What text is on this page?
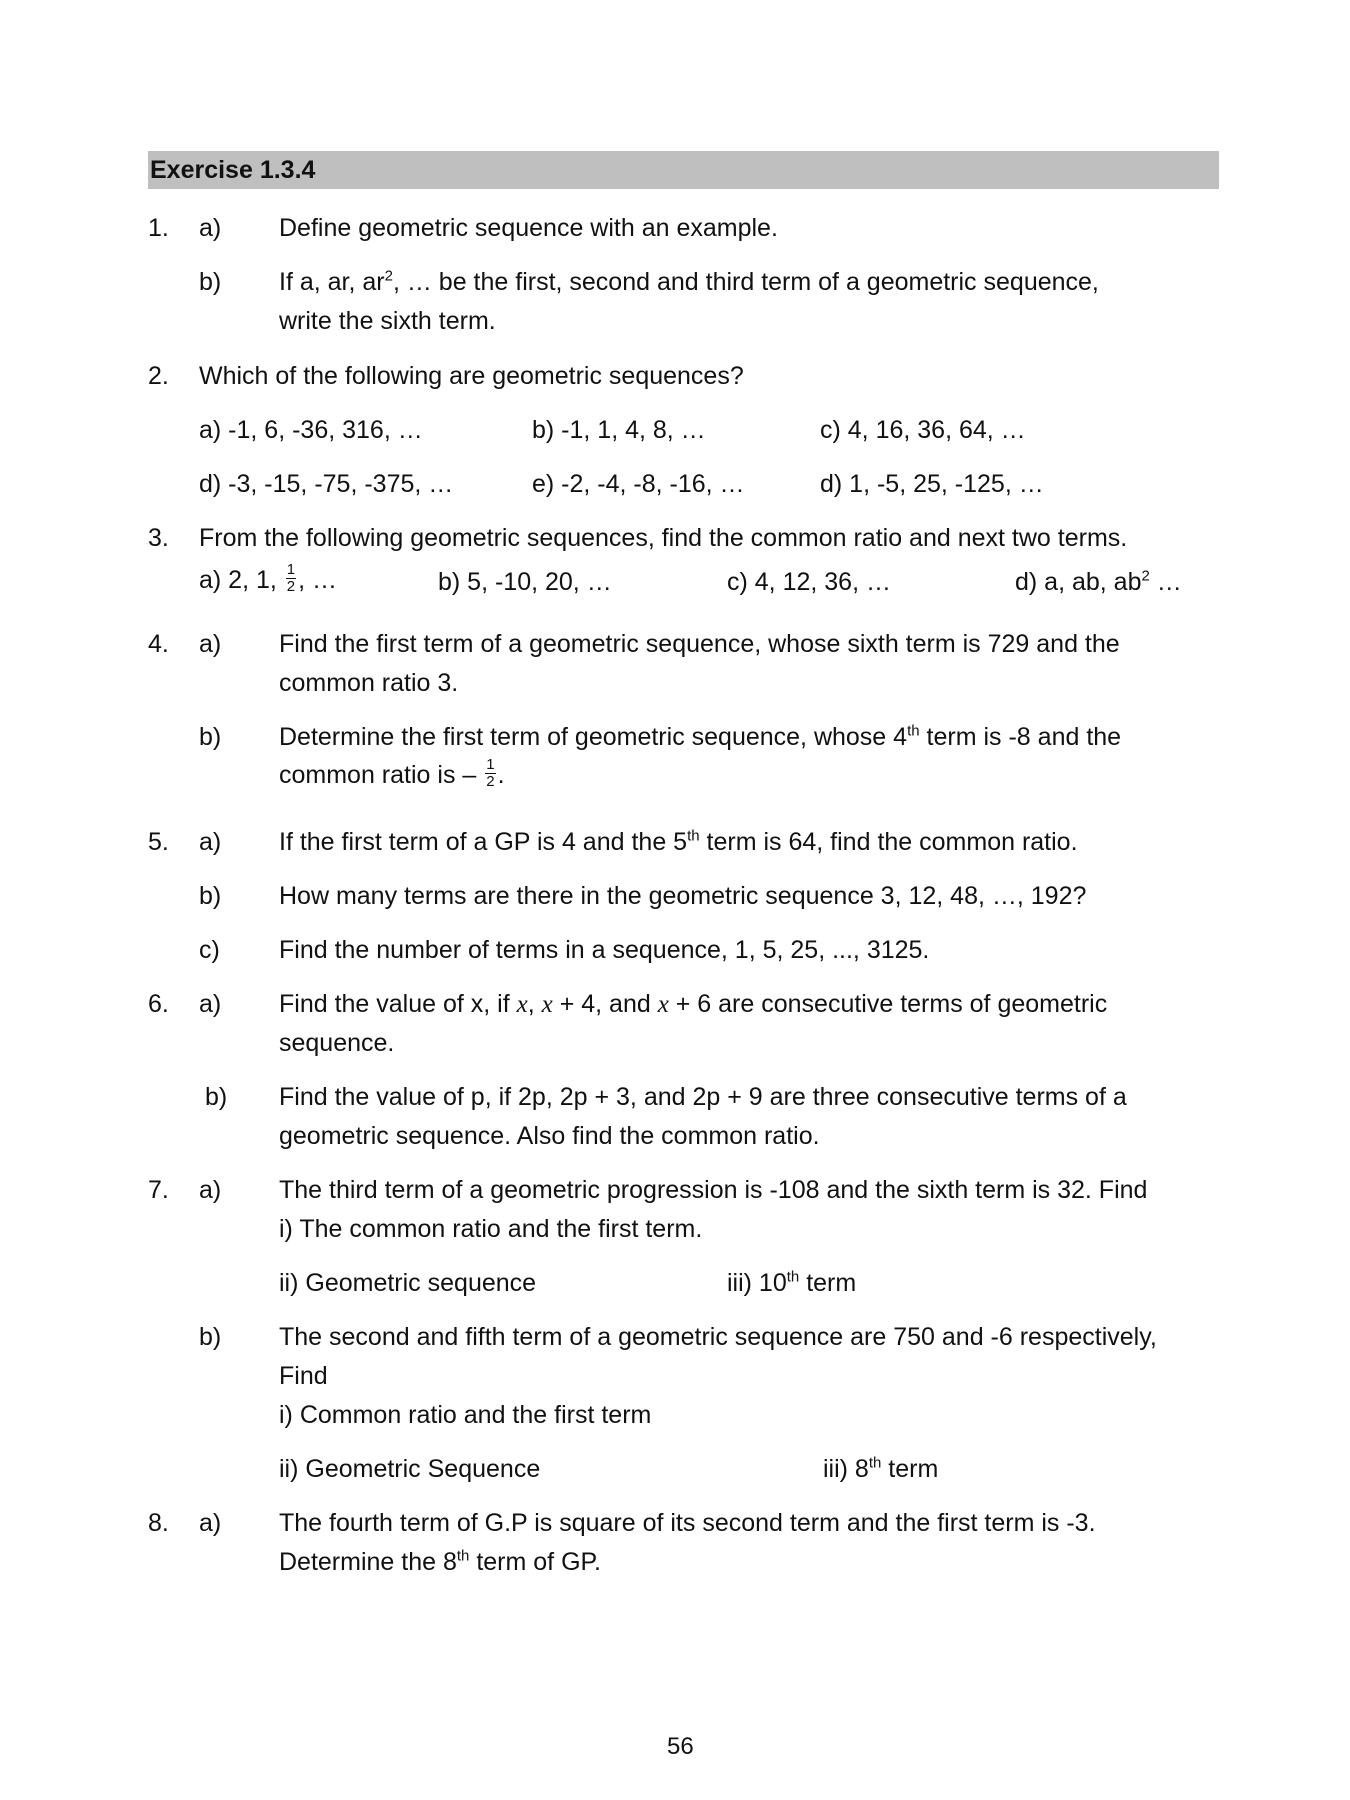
Exercise 1.3.4
1. a) Define geometric sequence with an example.
b) If a, ar, $ar^2$, … be the first, second and third term of a geometric sequence,
write the sixth term.
2. Which of the following are geometric sequences?
a) -1, 6, -36, 316, …	b) -1, 1, 4, 8, …	c) 4, 16, 36, 64, …
d) -3, -15, -75, -375, …	e) -2, -4, -8, -16, …	d) 1, -5, 25, -125, …
3. From the following geometric sequences, find the common ratio and next two terms.
a) 2, 1, $\frac{1}{2}$ , …	b) 5, -10, 20, …	c) 4, 12, 36, …	d) a, ab, $ab^2$ …
4. a) Find the first term of a geometric sequence, whose sixth term is 729 and the
common ratio 3.
b) Determine the first term of geometric sequence, whose 4th term is -8 and the
common ratio is – $\frac{1}{2}$ .
5. a) If the first term of a GP is 4 and the 5th term is 64, find the common ratio.
b) How many terms are there in the geometric sequence 3, 12, 48, …, 192?
c) Find the number of terms in a sequence, 1, 5, 25, ..., 3125.
6. a) Find the value of x, if x, x + 4, and x + 6 are consecutive terms of geometric
sequence.
b) Find the value of p, if 2p, 2p + 3, and 2p + 9 are three consecutive terms of a
geometric sequence. Also find the common ratio.
7. a) The third term of a geometric progression is -108 and the sixth term is 32. Find
i) The common ratio and the first term.
ii) Geometric sequence	iii) 10th term
b) The second and fifth term of a geometric sequence are 750 and -6 respectively,
Find
i) Common ratio and the first term
ii) Geometric Sequence	iii) 8th term
8. a) The fourth term of G.P is square of its second term and the first term is -3.
Determine the 8th term of GP.
56
